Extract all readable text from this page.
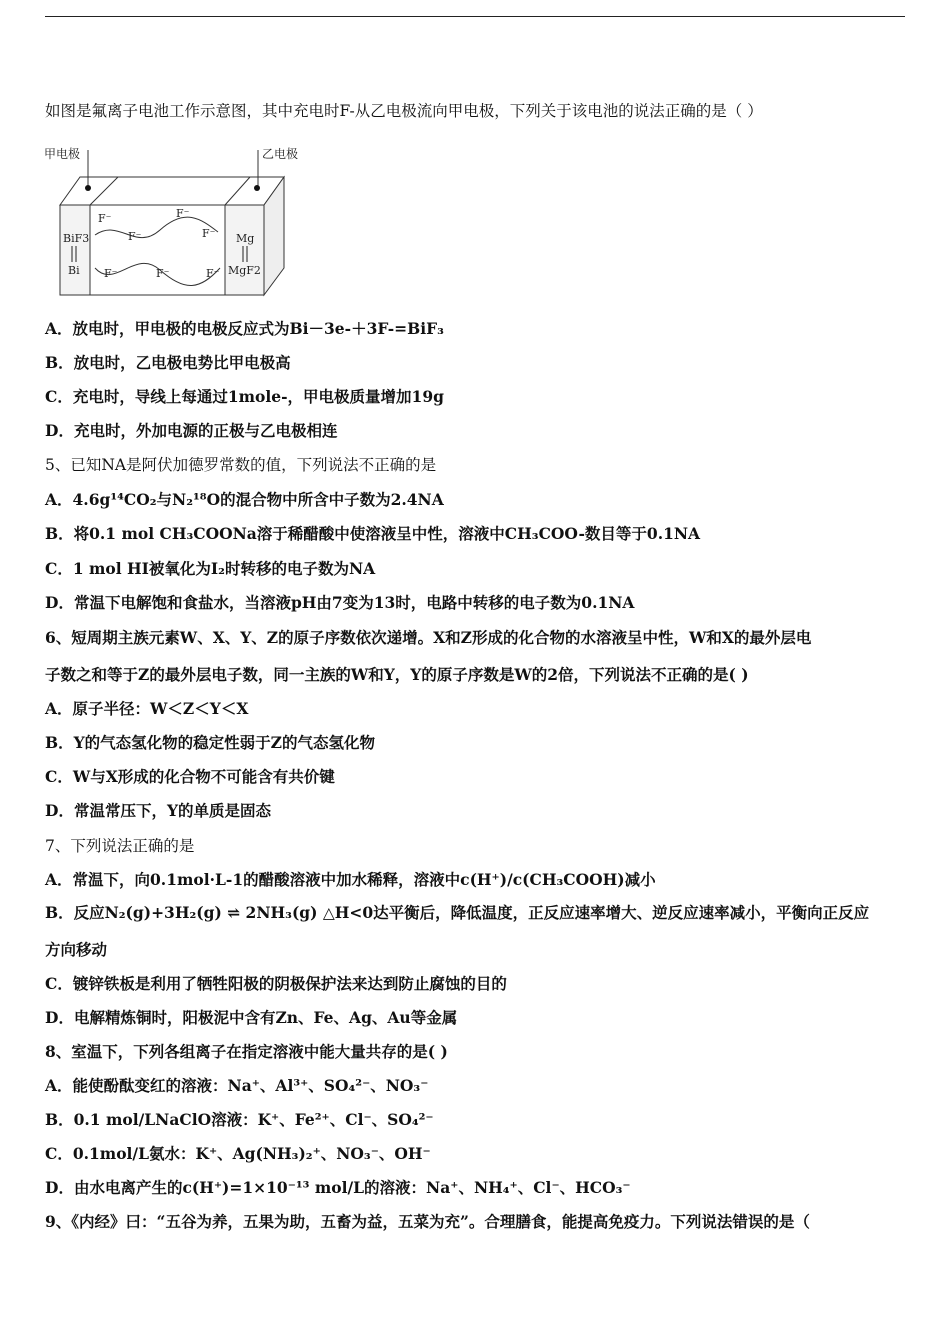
如图是氟离子电池工作示意图，其中充电时F-从乙电极流向甲电极，下列关于该电池的说法正确的是（ ）
甲电极	乙电极
BiF3
Bi
Mg
MgF2
F⁻
F⁻
F⁻
F⁻
F⁻	F⁻	F⁻
A．放电时，甲电极的电极反应式为Bi－3e-＋3F-=BiF₃
B．放电时，乙电极电势比甲电极高
C．充电时，导线上每通过1mole-，甲电极质量增加19g
D．充电时，外加电源的正极与乙电极相连
5、已知NA是阿伏加德罗常数的值，下列说法不正确的是
A．4.6g¹⁴CO₂与N₂¹⁸O的混合物中所含中子数为2.4NA
B．将0.1 mol CH₃COONa溶于稀醋酸中使溶液呈中性，溶液中CH₃COO-数目等于0.1NA
C．1 mol HI被氧化为I₂时转移的电子数为NA
D．常温下电解饱和食盐水，当溶液pH由7变为13时，电路中转移的电子数为0.1NA
6、短周期主族元素W、X、Y、Z的原子序数依次递增。X和Z形成的化合物的水溶液呈中性，W和X的最外层电
子数之和等于Z的最外层电子数，同一主族的W和Y，Y的原子序数是W的2倍，下列说法不正确的是( )
A．原子半径：W＜Z＜Y＜X
B．Y的气态氢化物的稳定性弱于Z的气态氢化物
C．W与X形成的化合物不可能含有共价键
D．常温常压下，Y的单质是固态
7、下列说法正确的是
A．常温下，向0.1mol·L-1的醋酸溶液中加水稀释，溶液中c(H⁺)/c(CH₃COOH)减小
B．反应N₂(g)+3H₂(g) ⇌ 2NH₃(g) △H<0达平衡后，降低温度，正反应速率增大、逆反应速率减小，平衡向正反应
方向移动
C．镀锌铁板是利用了牺牲阳极的阴极保护法来达到防止腐蚀的目的
D．电解精炼铜时，阳极泥中含有Zn、Fe、Ag、Au等金属
8、室温下，下列各组离子在指定溶液中能大量共存的是( )
A．能使酚酞变红的溶液：Na⁺、Al³⁺、SO₄²⁻、NO₃⁻
B．0.1 mol/LNaClO溶液：K⁺、Fe²⁺、Cl⁻、SO₄²⁻
C．0.1mol/L氨水：K⁺、Ag(NH₃)₂⁺、NO₃⁻、OH⁻
D．由水电离产生的c(H⁺)=1×10⁻¹³ mol/L的溶液：Na⁺、NH₄⁺、Cl⁻、HCO₃⁻
9、《内经》曰：“五谷为养，五果为助，五畜为益，五菜为充”。合理膳食，能提高免疫力。下列说法错误的是（
